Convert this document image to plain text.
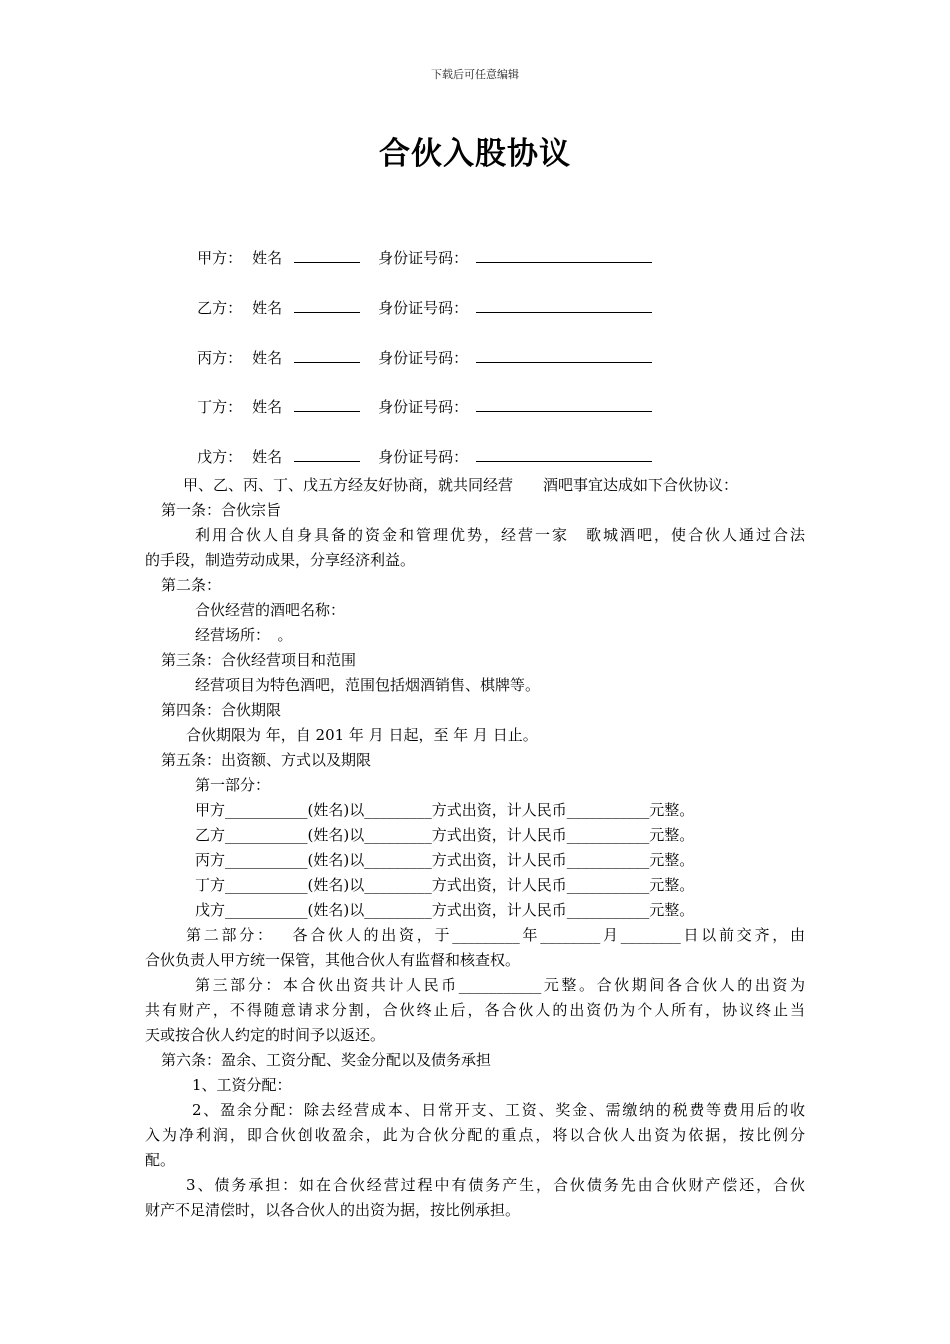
下载后可任意编辑
合伙入股协议

甲方： 姓名	身份证号码：

乙方： 姓名	身份证号码：

丙方： 姓名	身份证号码：

丁方： 姓名	身份证号码：

戊方： 姓名	身份证号码：

甲、乙、丙、丁、戊五方经友好协商，就共同经营　　酒吧事宜达成如下合伙协议：
第一条：合伙宗旨
利用合伙人自身具备的资金和管理优势，经营一家　歌城酒吧，使合伙人通过合法
的手段，制造劳动成果，分享经济利益。
第二条：
合伙经营的酒吧名称：
经营场所：　。
第三条：合伙经营项目和范围
经营项目为特色酒吧，范围包括烟酒销售、棋牌等。
第四条：合伙期限
合伙期限为 年，自 201 年 月 日起，至 年 月 日止。
第五条：出资额、方式以及期限
第一部分：
甲方___________(姓名)以_________方式出资，计人民币___________元整。
乙方___________(姓名)以_________方式出资，计人民币___________元整。
丙方___________(姓名)以_________方式出资，计人民币___________元整。
丁方___________(姓名)以_________方式出资，计人民币___________元整。
戊方___________(姓名)以_________方式出资，计人民币___________元整。
第二部分：　 各合伙人的出资，于_________年________月________日以前交齐，由
合伙负责人甲方统一保管，其他合伙人有监督和核查权。
第三部分：本合伙出资共计人民币___________元整。合伙期间各合伙人的出资为
共有财产，不得随意请求分割，合伙终止后，各合伙人的出资仍为个人所有，协议终止当
天或按合伙人约定的时间予以返还。
第六条：盈余、工资分配、奖金分配以及债务承担
1、工资分配：
2、盈余分配：除去经营成本、日常开支、工资、奖金、需缴纳的税费等费用后的收
入为净利润，即合伙创收盈余，此为合伙分配的重点，将以合伙人出资为依据，按比例分
配。
3、债务承担：如在合伙经营过程中有债务产生，合伙债务先由合伙财产偿还，合伙
财产不足清偿时，以各合伙人的出资为据，按比例承担。
